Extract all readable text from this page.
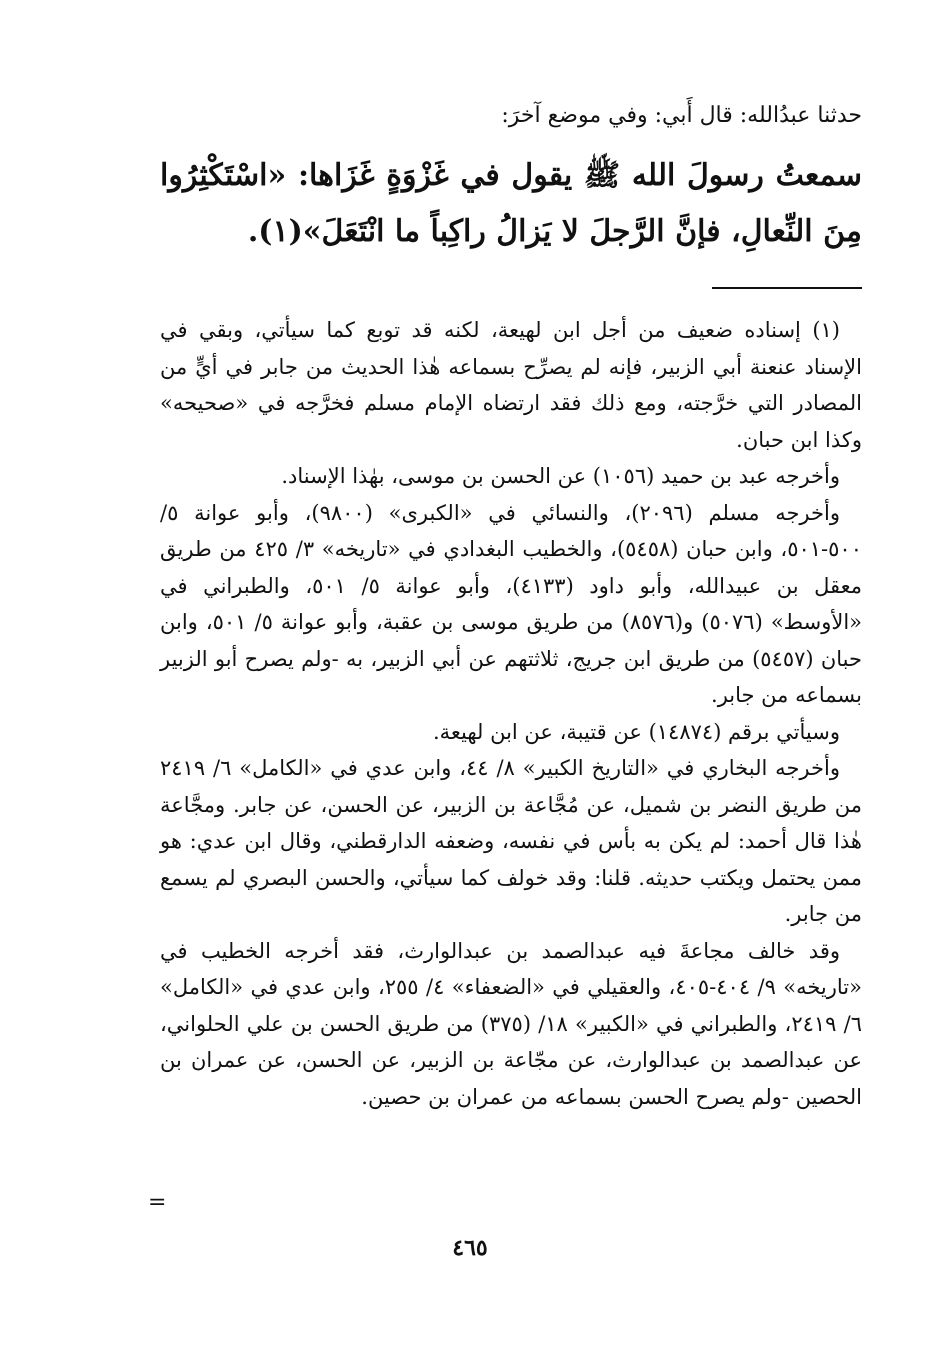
حدثنا عبدُالله: قال أَبي: وفي موضع آخرَ:
سمعتُ رسولَ الله ﷺ يقول في غَزْوَةٍ غَزَاها: «اسْتَكْثِرُوا مِنَ النِّعالِ، فإنَّ الرَّجلَ لا يَزالُ راكِباً ما انْتَعَلَ»(١).

(١) إسناده ضعيف من أجل ابن لهيعة، لكنه قد توبع كما سيأتي، وبقي في الإسناد عنعنة أبي الزبير، فإنه لم يصرِّح بسماعه هٰذا الحديث من جابر في أيٍّ من المصادر التي خرَّجته، ومع ذلك فقد ارتضاه الإمام مسلم فخرَّجه في «صحيحه» وكذا ابن حبان.

وأخرجه عبد بن حميد (١٠٥٦) عن الحسن بن موسى، بهٰذا الإسناد.

وأخرجه مسلم (٢٠٩٦)، والنسائي في «الكبرى» (٩٨٠٠)، وأبو عوانة ٥/ ٥٠٠-٥٠١، وابن حبان (٥٤٥٨)، والخطيب البغدادي في «تاريخه» ٣/ ٤٢٥ من طريق معقل بن عبيدالله، وأبو داود (٤١٣٣)، وأبو عوانة ٥/ ٥٠١، والطبراني في «الأوسط» (٥٠٧٦) و(٨٥٧٦) من طريق موسى بن عقبة، وأبو عوانة ٥/ ٥٠١، وابن حبان (٥٤٥٧) من طريق ابن جريج، ثلاثتهم عن أبي الزبير، به -ولم يصرح أبو الزبير بسماعه من جابر.

وسيأتي برقم (١٤٨٧٤) عن قتيبة، عن ابن لهيعة.

وأخرجه البخاري في «التاريخ الكبير» ٨/ ٤٤، وابن عدي في «الكامل» ٦/ ٢٤١٩ من طريق النضر بن شميل، عن مُجَّاعة بن الزبير، عن الحسن، عن جابر. ومجَّاعة هٰذا قال أحمد: لم يكن به بأس في نفسه، وضعفه الدارقطني، وقال ابن عدي: هو ممن يحتمل ويكتب حديثه. قلنا: وقد خولف كما سيأتي، والحسن البصري لم يسمع من جابر.

وقد خالف مجاعةَ فيه عبدالصمد بن عبدالوارث، فقد أخرجه الخطيب في «تاريخه» ٩/ ٤٠٤-٤٠٥، والعقيلي في «الضعفاء» ٤/ ٢٥٥، وابن عدي في «الكامل» ٦/ ٢٤١٩، والطبراني في «الكبير» ١٨/ (٣٧٥) من طريق الحسن بن علي الحلواني، عن عبدالصمد بن عبدالوارث، عن مجّاعة بن الزبير، عن الحسن، عن عمران بن الحصين -ولم يصرح الحسن بسماعه من عمران بن حصين.

=
٤٦٥
